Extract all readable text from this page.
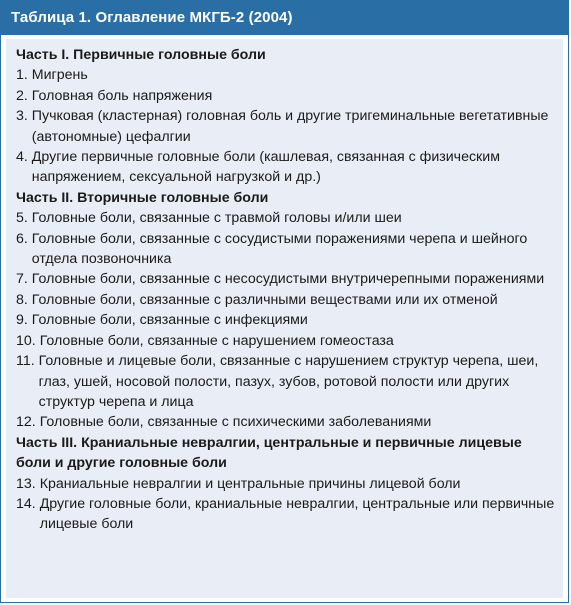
Таблица 1. Оглавление МКГБ-2 (2004)
Часть I. Первичные головные боли
1.
Мигрень
2.
Головная боль напряжения
3.
Пучковая (кластерная) головная боль и другие тригеминальные вегетативные (автономные) цефалгии
4.
Другие первичные головные боли (кашлевая, связанная с физическим напряжением, сексуальной нагрузкой и др.)
Часть II. Вторичные головные боли
5.
Головные боли, связанные с травмой головы и/или шеи
6.
Головные боли, связанные с сосудистыми поражениями черепа и шейного отдела позвоночника
7.
Головные боли, связанные с несосудистыми внутричерепными поражениями
8.
Головные боли, связанные с различными веществами или их отменой
9.
Головные боли, связанные с инфекциями
10.
Головные боли, связанные с нарушением гомеостаза
11.
Головные и лицевые боли, связанные с нарушением структур черепа, шеи, глаз, ушей, носовой полости, пазух, зубов, ротовой полости или других структур черепа и лица
12.
Головные боли, связанные с психическими заболеваниями
Часть III. Краниальные невралгии, центральные и первичные лицевые боли и другие головные боли
13.
Краниальные невралгии и центральные причины лицевой боли
14.
Другие головные боли, краниальные невралгии, центральные или первичные лицевые боли
